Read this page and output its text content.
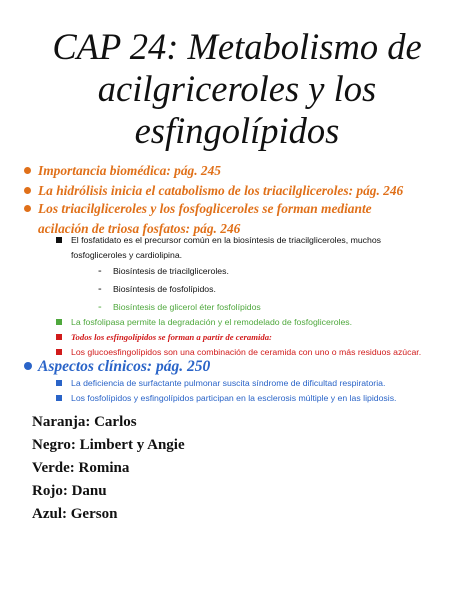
CAP 24: Metabolismo de
acilgriceroles y los
esfingolípidos
Importancia biomédica: pág. 245
La hidrólisis inicia el catabolismo de los triacilgliceroles: pág. 246
Los triacilgliceroles y los fosfogliceroles se forman mediante
acilación de triosa fosfatos: pág. 246
El fosfatidato es el precursor común en la biosíntesis de triacilgliceroles, muchos
fosfogliceroles y cardiolipina.
- Biosíntesis de triacilgliceroles.
- Biosíntesis de fosfolípidos.
- Biosíntesis de glicerol éter fosfolípidos
La fosfolipasa permite la degradación y el remodelado de fosfogliceroles.
Todos los esfingolípidos se forman a partir de ceramida:
Los glucoesfingolípidos son una combinación de ceramida con uno o más residuos azúcar.
Aspectos clínicos: pág. 250
La deficiencia de surfactante pulmonar suscita síndrome de dificultad respiratoria.
Los fosfolípidos y esfingolípidos participan en la esclerosis múltiple y en las lipidosis.
Naranja: Carlos
Negro: Limbert y Angie
Verde: Romina
Rojo: Danu
Azul: Gerson
